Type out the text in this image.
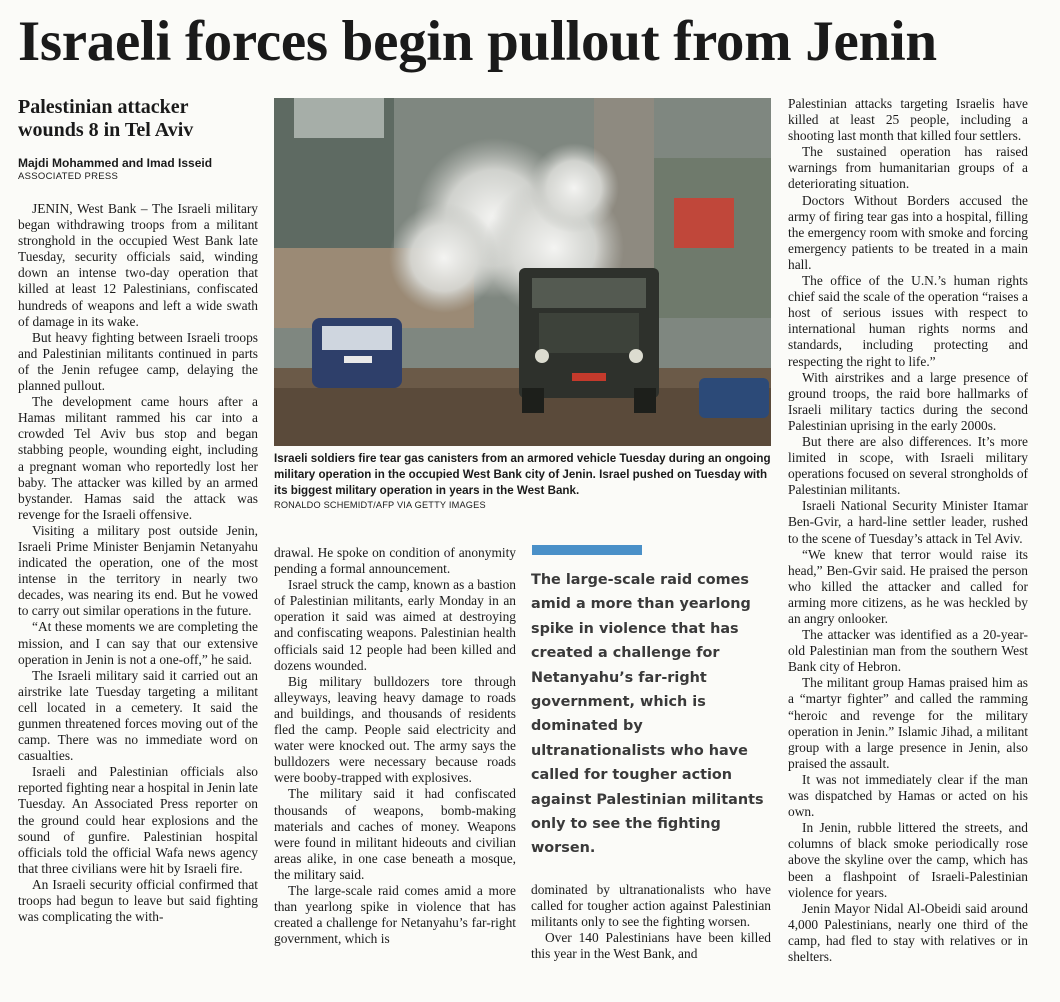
Israeli forces begin pullout from Jenin
Palestinian attacker wounds 8 in Tel Aviv
Majdi Mohammed and Imad Isseid
ASSOCIATED PRESS

JENIN, West Bank – The Israeli military began withdrawing troops from a militant stronghold in the occupied West Bank late Tuesday, security officials said, winding down an intense two-day operation that killed at least 12 Palestinians, confiscated hundreds of weapons and left a wide swath of damage in its wake.

But heavy fighting between Israeli troops and Palestinian militants continued in parts of the Jenin refugee camp, delaying the planned pullout.

The development came hours after a Hamas militant rammed his car into a crowded Tel Aviv bus stop and began stabbing people, wounding eight, including a pregnant woman who reportedly lost her baby. The attacker was killed by an armed bystander. Hamas said the attack was revenge for the Israeli offensive.

Visiting a military post outside Jenin, Israeli Prime Minister Benjamin Netanyahu indicated the operation, one of the most intense in the territory in nearly two decades, was nearing its end. But he vowed to carry out similar operations in the future.

“At these moments we are completing the mission, and I can say that our extensive operation in Jenin is not a one-off,” he said.

The Israeli military said it carried out an airstrike late Tuesday targeting a militant cell located in a cemetery. It said the gunmen threatened forces moving out of the camp. There was no immediate word on casualties.

Israeli and Palestinian officials also reported fighting near a hospital in Jenin late Tuesday. An Associated Press reporter on the ground could hear explosions and the sound of gunfire. Palestinian hospital officials told the official Wafa news agency that three civilians were hit by Israeli fire.

An Israeli security official confirmed that troops had begun to leave but said fighting was complicating the with-

Israeli soldiers fire tear gas canisters from an armored vehicle Tuesday during an ongoing military operation in the occupied West Bank city of Jenin. Israel pushed on Tuesday with its biggest military operation in years in the West Bank.
RONALDO SCHEMIDT/AFP VIA GETTY IMAGES

drawal. He spoke on condition of anonymity pending a formal announcement.

Israel struck the camp, known as a bastion of Palestinian militants, early Monday in an operation it said was aimed at destroying and confiscating weapons. Palestinian health officials said 12 people had been killed and dozens wounded.

Big military bulldozers tore through alleyways, leaving heavy damage to roads and buildings, and thousands of residents fled the camp. People said electricity and water were knocked out. The army says the bulldozers were necessary because roads were booby-trapped with explosives.

The military said it had confiscated thousands of weapons, bomb-making materials and caches of money. Weapons were found in militant hideouts and civilian areas alike, in one case beneath a mosque, the military said.

The large-scale raid comes amid a more than yearlong spike in violence that has created a challenge for Netanyahu’s far-right government, which is

The large-scale raid comes amid a more than yearlong spike in violence that has created a challenge for Netanyahu’s far-right government, which is dominated by ultranationalists who have called for tougher action against Palestinian militants only to see the fighting worsen.

dominated by ultranationalists who have called for tougher action against Palestinian militants only to see the fighting worsen.

Over 140 Palestinians have been killed this year in the West Bank, and

Palestinian attacks targeting Israelis have killed at least 25 people, including a shooting last month that killed four settlers.

The sustained operation has raised warnings from humanitarian groups of a deteriorating situation.

Doctors Without Borders accused the army of firing tear gas into a hospital, filling the emergency room with smoke and forcing emergency patients to be treated in a main hall.

The office of the U.N.’s human rights chief said the scale of the operation “raises a host of serious issues with respect to international human rights norms and standards, including protecting and respecting the right to life.”

With airstrikes and a large presence of ground troops, the raid bore hallmarks of Israeli military tactics during the second Palestinian uprising in the early 2000s.

But there are also differences. It’s more limited in scope, with Israeli military operations focused on several strongholds of Palestinian militants.

Israeli National Security Minister Itamar Ben-Gvir, a hard-line settler leader, rushed to the scene of Tuesday’s attack in Tel Aviv.

“We knew that terror would raise its head,” Ben-Gvir said. He praised the person who killed the attacker and called for arming more citizens, as he was heckled by an angry onlooker.

The attacker was identified as a 20-year-old Palestinian man from the southern West Bank city of Hebron.

The militant group Hamas praised him as a “martyr fighter” and called the ramming “heroic and revenge for the military operation in Jenin.” Islamic Jihad, a militant group with a large presence in Jenin, also praised the assault.

It was not immediately clear if the man was dispatched by Hamas or acted on his own.

In Jenin, rubble littered the streets, and columns of black smoke periodically rose above the skyline over the camp, which has been a flashpoint of Israeli-Palestinian violence for years.

Jenin Mayor Nidal Al-Obeidi said around 4,000 Palestinians, nearly one third of the camp, had fled to stay with relatives or in shelters.
